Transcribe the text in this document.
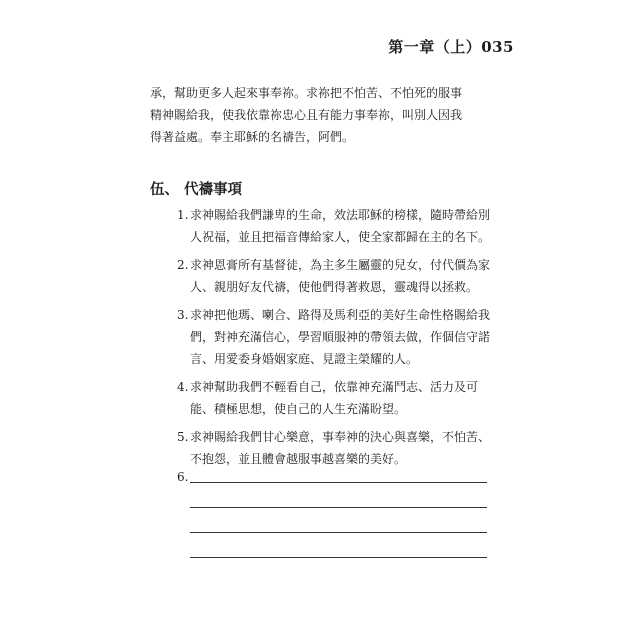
第一章（上）035
承，幫助更多人起來事奉祢。求祢把不怕苦、不怕死的服事
精神賜給我，使我依靠祢忠心且有能力事奉祢，叫別人因我
得著益處。奉主耶穌的名禱告，阿們。
伍、 代禱事項
1. 求神賜給我們謙卑的生命，效法耶穌的榜樣，隨時帶給別
人祝福，並且把福音傳給家人，使全家都歸在主的名下。
2. 求神恩膏所有基督徒，為主多生屬靈的兒女，付代價為家
人、親朋好友代禱，使他們得著救恩，靈魂得以拯救。
3. 求神把他瑪、喇合、路得及馬利亞的美好生命性格賜給我
們，對神充滿信心，學習順服神的帶領去做，作個信守諾
言、用愛委身婚姻家庭、見證主榮耀的人。
4. 求神幫助我們不輕看自己，依靠神充滿鬥志、活力及可
能、積極思想，使自己的人生充滿盼望。
5. 求神賜給我們甘心樂意，事奉神的決心與喜樂，不怕苦、
不抱怨，並且體會越服事越喜樂的美好。
6.
